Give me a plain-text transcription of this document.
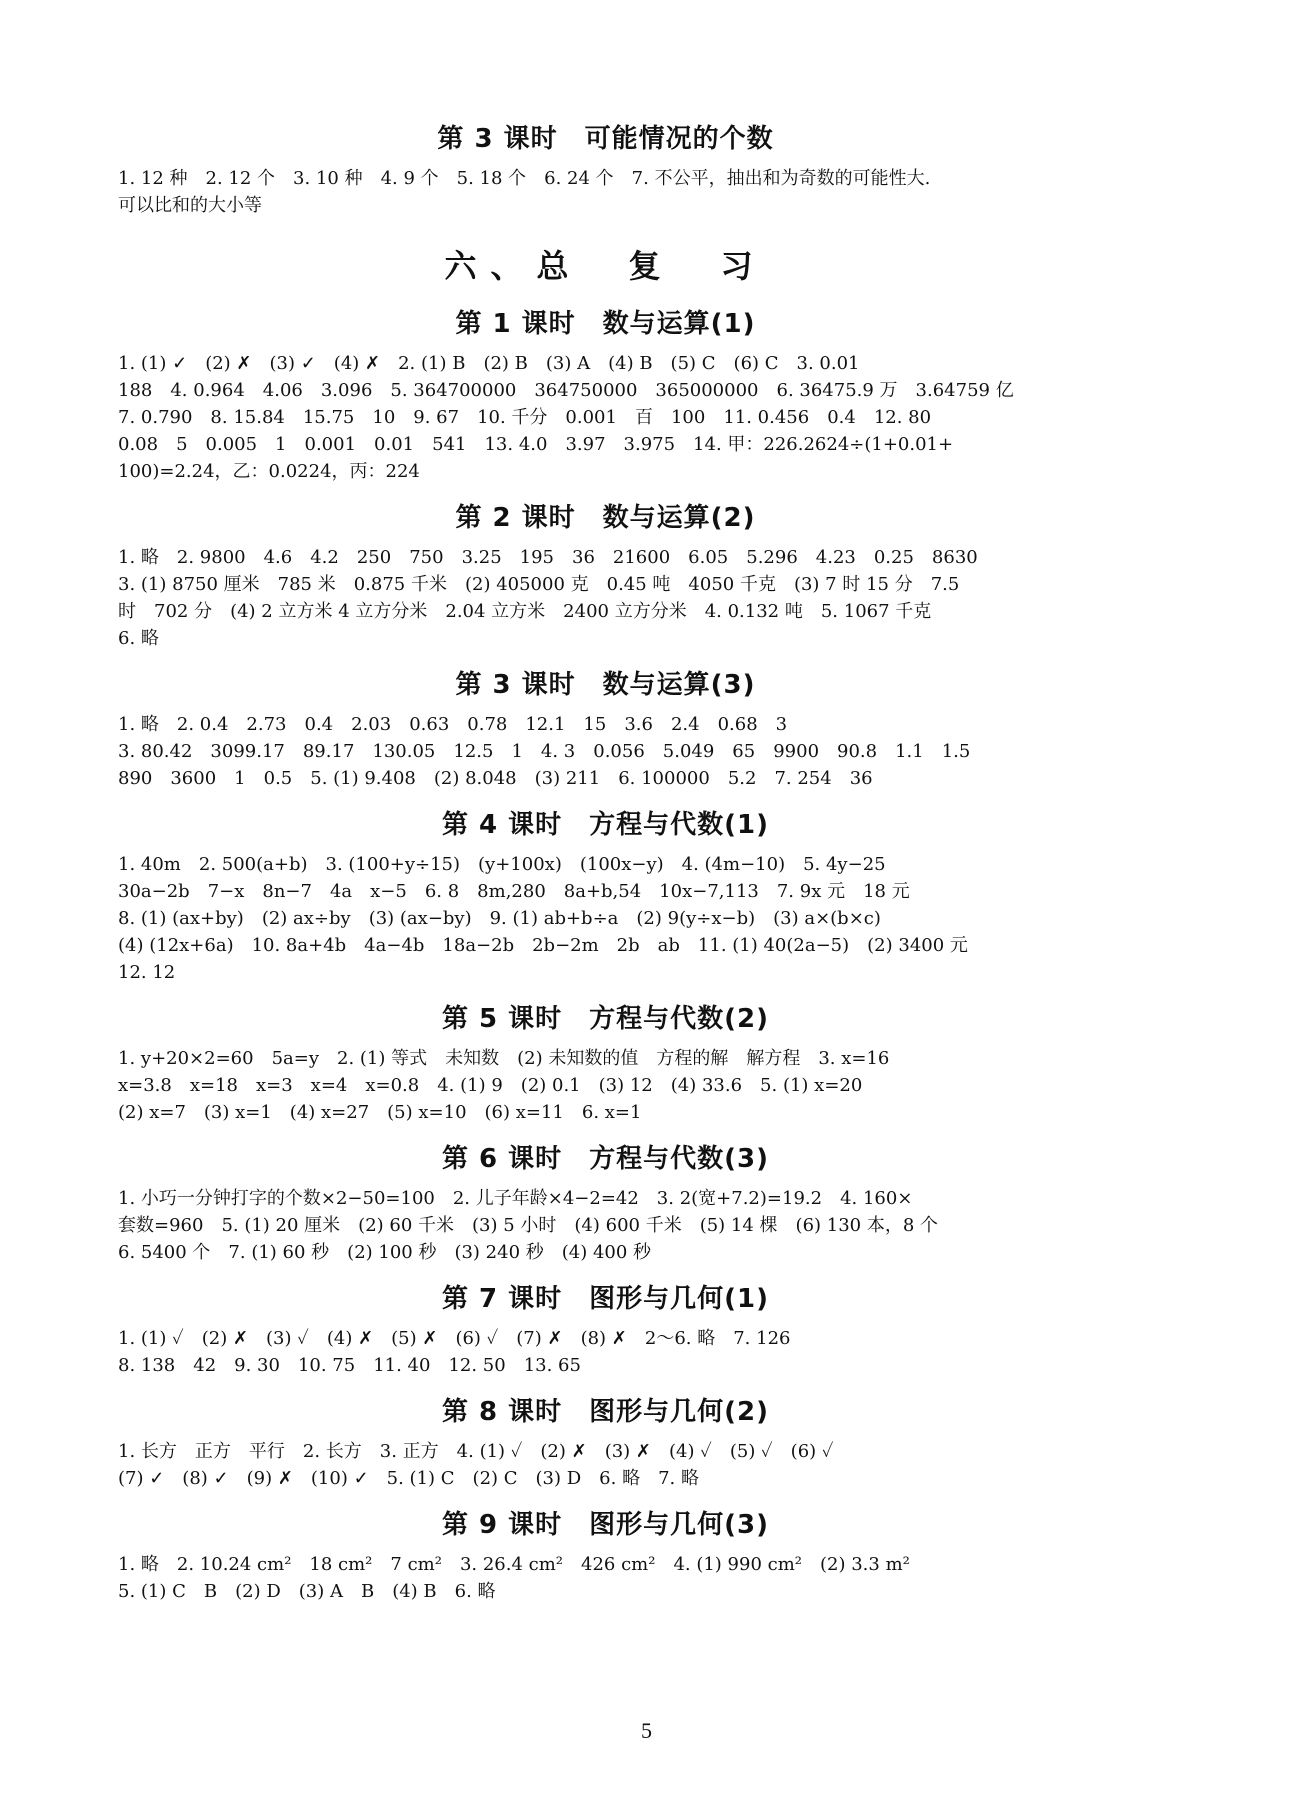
第 3 课时　可能情况的个数

1. 12 种　2. 12 个　3. 10 种　4. 9 个　5. 18 个　6. 24 个　7. 不公平，抽出和为奇数的可能性大.

可以比和的大小等

六、总　复　习
第 1 课时　数与运算(1)

1. (1) ✓　(2) ✗　(3) ✓　(4) ✗　2. (1) B　(2) B　(3) A　(4) B　(5) C　(6) C　3. 0.01

188　4. 0.964　4.06　3.096　5. 364700000　364750000　365000000　6. 36475.9 万　3.64759 亿

7. 0.790　8. 15.84　15.75　10　9. 67　10. 千分　0.001　百　100　11. 0.456　0.4　12. 80

0.08　5　0.005　1　0.001　0.01　541　13. 4.0　3.97　3.975　14. 甲：226.2624÷(1+0.01+

100)=2.24，乙：0.0224，丙：224

第 2 课时　数与运算(2)

1. 略　2. 9800　4.6　4.2　250　750　3.25　195　36　21600　6.05　5.296　4.23　0.25　8630

3. (1) 8750 厘米　785 米　0.875 千米　(2) 405000 克　0.45 吨　4050 千克　(3) 7 时 15 分　7.5

时　702 分　(4) 2 立方米 4 立方分米　2.04 立方米　2400 立方分米　4. 0.132 吨　5. 1067 千克

6. 略

第 3 课时　数与运算(3)

1. 略　2. 0.4　2.73　0.4　2.03　0.63　0.78　12.1　15　3.6　2.4　0.68　3

3. 80.42　3099.17　89.17　130.05　12.5　1　4. 3　0.056　5.049　65　9900　90.8　1.1　1.5

890　3600　1　0.5　5. (1) 9.408　(2) 8.048　(3) 211　6. 100000　5.2　7. 254　36

第 4 课时　方程与代数(1)

1. 40m　2. 500(a+b)　3. (100+y÷15)　(y+100x)　(100x−y)　4. (4m−10)　5. 4y−25

30a−2b　7−x　8n−7　4a　x−5　6. 8　8m,280　8a+b,54　10x−7,113　7. 9x 元　18 元

8. (1) (ax+by)　(2) ax÷by　(3) (ax−by)　9. (1) ab+b÷a　(2) 9(y÷x−b)　(3) a×(b×c)

(4) (12x+6a)　10. 8a+4b　4a−4b　18a−2b　2b−2m　2b　ab　11. (1) 40(2a−5)　(2) 3400 元

12. 12

第 5 课时　方程与代数(2)

1. y+20×2=60　5a=y　2. (1) 等式　未知数　(2) 未知数的值　方程的解　解方程　3. x=16

x=3.8　x=18　x=3　x=4　x=0.8　4. (1) 9　(2) 0.1　(3) 12　(4) 33.6　5. (1) x=20

(2) x=7　(3) x=1　(4) x=27　(5) x=10　(6) x=11　6. x=1

第 6 课时　方程与代数(3)

1. 小巧一分钟打字的个数×2−50=100　2. 儿子年龄×4−2=42　3. 2(宽+7.2)=19.2　4. 160×

套数=960　5. (1) 20 厘米　(2) 60 千米　(3) 5 小时　(4) 600 千米　(5) 14 棵　(6) 130 本，8 个

6. 5400 个　7. (1) 60 秒　(2) 100 秒　(3) 240 秒　(4) 400 秒

第 7 课时　图形与几何(1)

1. (1) ✓　(2) ✗　(3) ✓　(4) ✗　(5) ✗　(6) ✓　(7) ✗　(8) ✗　2～6. 略　7. 126

8. 138　42　9. 30　10. 75　11. 40　12. 50　13. 65

第 8 课时　图形与几何(2)

1. 长方　正方　平行　2. 长方　3. 正方　4. (1) ✓　(2) ✗　(3) ✗　(4) ✓　(5) ✓　(6) ✓

(7) ✓　(8) ✓　(9) ✗　(10) ✓　5. (1) C　(2) C　(3) D　6. 略　7. 略

第 9 课时　图形与几何(3)

1. 略　2. 10.24 cm²　18 cm²　7 cm²　3. 26.4 cm²　426 cm²　4. (1) 990 cm²　(2) 3.3 m²

5. (1) C　B　(2) D　(3) A　B　(4) B　6. 略

5
